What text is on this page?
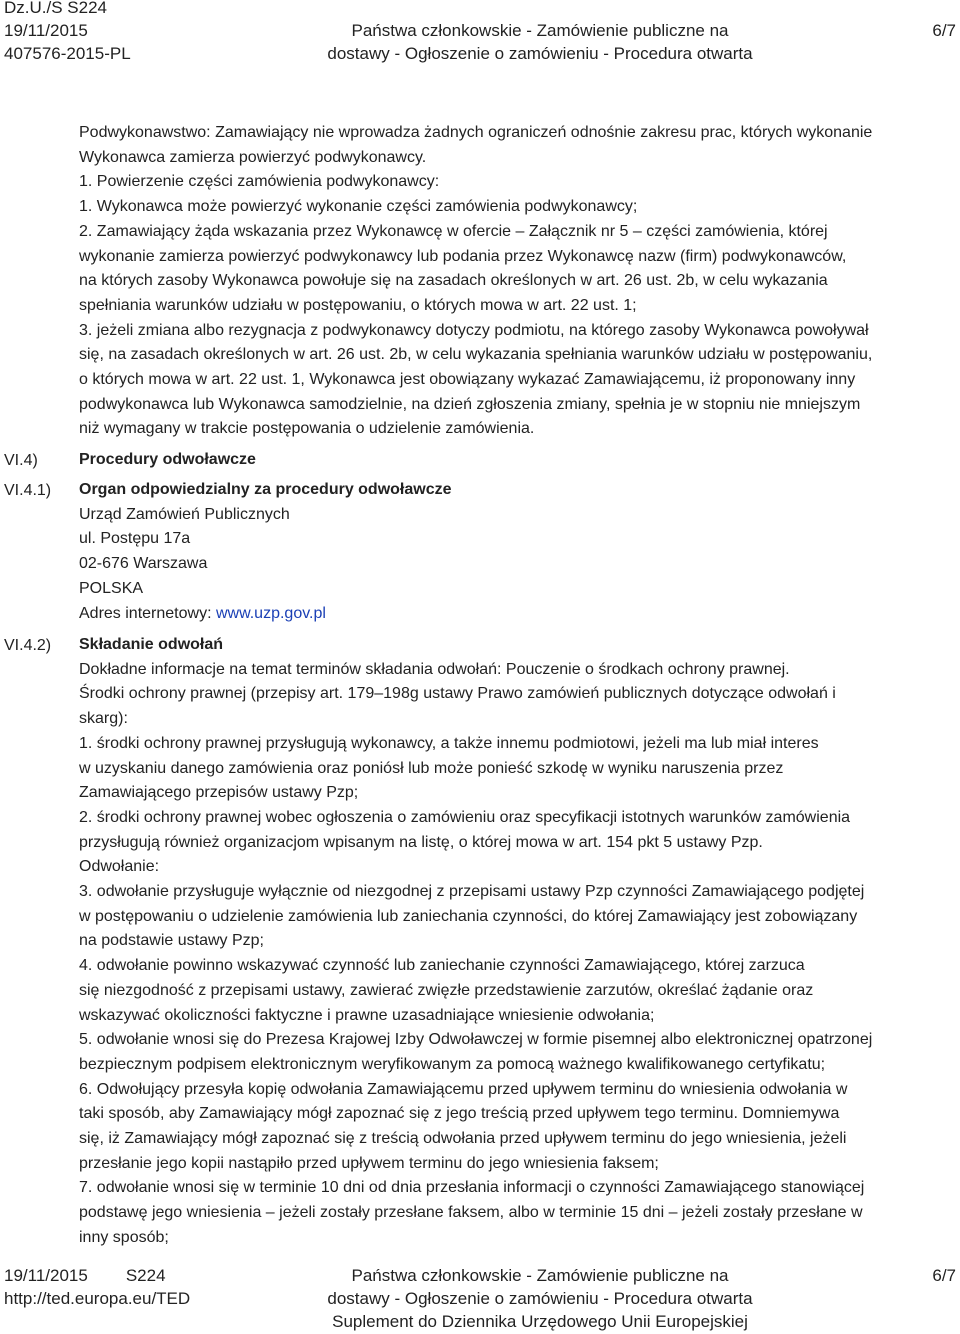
Dz.U./S S224
19/11/2015
407576-2015-PL
Państwa członkowskie - Zamówienie publiczne na
dostawy - Ogłoszenie o zamówieniu - Procedura otwarta
6/7
Podwykonawstwo: Zamawiający nie wprowadza żadnych ograniczeń odnośnie zakresu prac, których wykonanie
Wykonawca zamierza powierzyć podwykonawcy.
1. Powierzenie części zamówienia podwykonawcy:
1. Wykonawca może powierzyć wykonanie części zamówienia podwykonawcy;
2. Zamawiający żąda wskazania przez Wykonawcę w ofercie – Załącznik nr 5 – części zamówienia, której
wykonanie zamierza powierzyć podwykonawcy lub podania przez Wykonawcę nazw (firm) podwykonawców,
na których zasoby Wykonawca powołuje się na zasadach określonych w art. 26 ust. 2b, w celu wykazania
spełniania warunków udziału w postępowaniu, o których mowa w art. 22 ust. 1;
3. jeżeli zmiana albo rezygnacja z podwykonawcy dotyczy podmiotu, na którego zasoby Wykonawca powoływał
się, na zasadach określonych w art. 26 ust. 2b, w celu wykazania spełniania warunków udziału w postępowaniu,
o których mowa w art. 22 ust. 1, Wykonawca jest obowiązany wykazać Zamawiającemu, iż proponowany inny
podwykonawca lub Wykonawca samodzielnie, na dzień zgłoszenia zmiany, spełnia je w stopniu nie mniejszym
niż wymagany w trakcie postępowania o udzielenie zamówienia.
VI.4)	Procedury odwoławcze
VI.4.1) Organ odpowiedzialny za procedury odwoławcze
Urząd Zamówień Publicznych
ul. Postępu 17a
02-676 Warszawa
POLSKA
Adres internetowy: www.uzp.gov.pl
VI.4.2) Składanie odwołań
Dokładne informacje na temat terminów składania odwołań: Pouczenie o środkach ochrony prawnej.
Środki ochrony prawnej (przepisy art. 179–198g ustawy Prawo zamówień publicznych dotyczące odwołań i
skarg):
1. środki ochrony prawnej przysługują wykonawcy, a także innemu podmiotowi, jeżeli ma lub miał interes
w uzyskaniu danego zamówienia oraz poniósł lub może ponieść szkodę w wyniku naruszenia przez
Zamawiającego przepisów ustawy Pzp;
2. środki ochrony prawnej wobec ogłoszenia o zamówieniu oraz specyfikacji istotnych warunków zamówienia
przysługują również organizacjom wpisanym na listę, o której mowa w art. 154 pkt 5 ustawy Pzp.
Odwołanie:
3. odwołanie przysługuje wyłącznie od niezgodnej z przepisami ustawy Pzp czynności Zamawiającego podjętej
w postępowaniu o udzielenie zamówienia lub zaniechania czynności, do której Zamawiający jest zobowiązany
na podstawie ustawy Pzp;
4. odwołanie powinno wskazywać czynność lub zaniechanie czynności Zamawiającego, której zarzuca
się niezgodność z przepisami ustawy, zawierać zwięzłe przedstawienie zarzutów, określać żądanie oraz
wskazywać okoliczności faktyczne i prawne uzasadniające wniesienie odwołania;
5. odwołanie wnosi się do Prezesa Krajowej Izby Odwoławczej w formie pisemnej albo elektronicznej opatrzonej
bezpiecznym podpisem elektronicznym weryfikowanym za pomocą ważnego kwalifikowanego certyfikatu;
6. Odwołujący przesyła kopię odwołania Zamawiającemu przed upływem terminu do wniesienia odwołania w
taki sposób, aby Zamawiający mógł zapoznać się z jego treścią przed upływem tego terminu. Domniemywa
się, iż Zamawiający mógł zapoznać się z treścią odwołania przed upływem terminu do jego wniesienia, jeżeli
przesłanie jego kopii nastąpiło przed upływem terminu do jego wniesienia faksem;
7. odwołanie wnosi się w terminie 10 dni od dnia przesłania informacji o czynności Zamawiającego stanowiącej
podstawę jego wniesienia – jeżeli zostały przesłane faksem, albo w terminie 15 dni – jeżeli zostały przesłane w
inny sposób;
19/11/2015 S224
http://ted.europa.eu/TED
Państwa członkowskie - Zamówienie publiczne na
dostawy - Ogłoszenie o zamówieniu - Procedura otwarta
Suplement do Dziennika Urzędowego Unii Europejskiej
6/7
